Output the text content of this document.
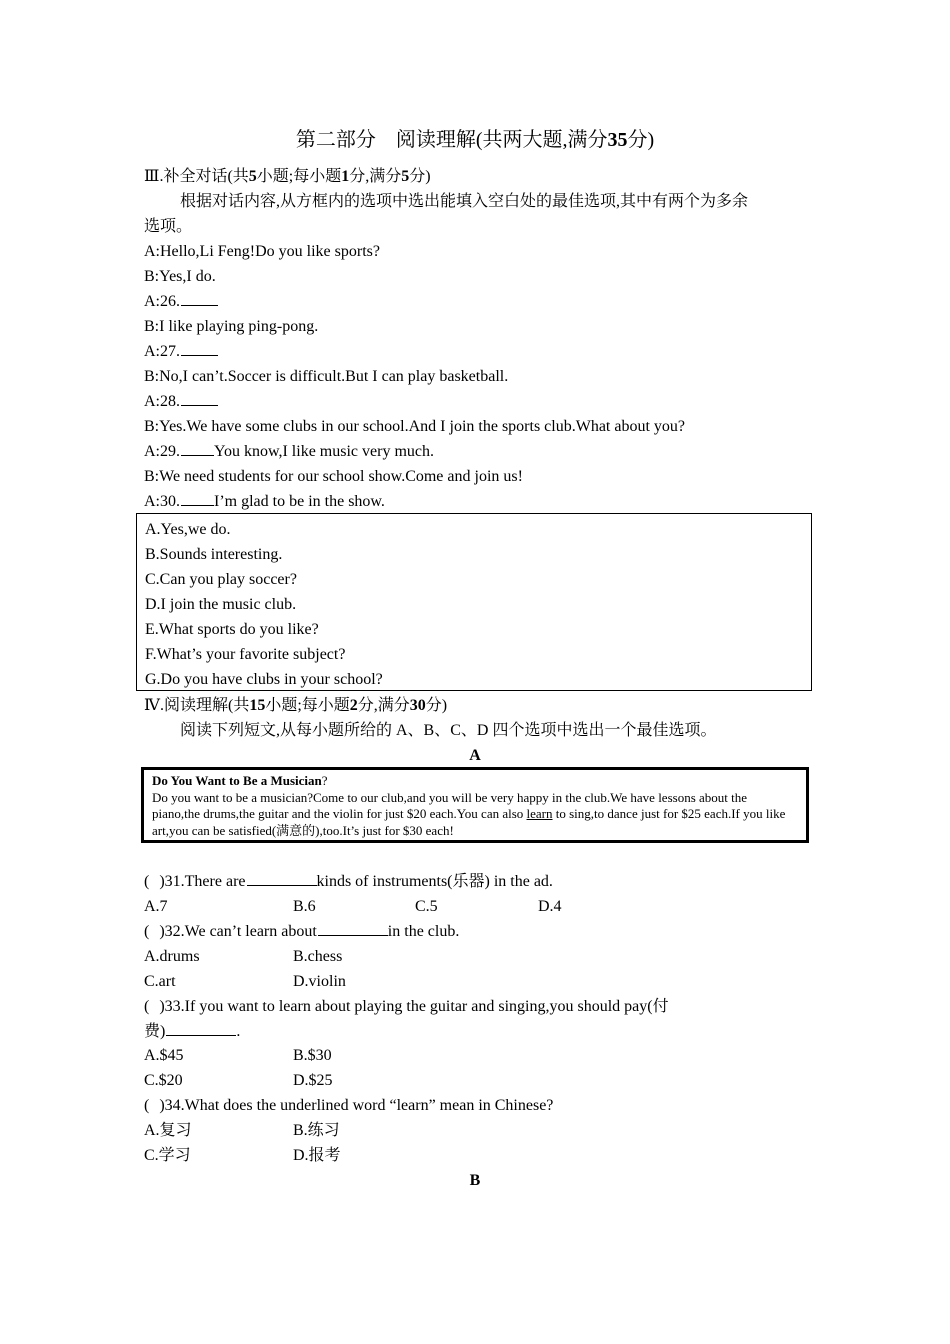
第二部分 阅读理解(共两大题,满分35分)
Ⅲ.补全对话(共5小题;每小题1分,满分5分)
根据对话内容,从方框内的选项中选出能填入空白处的最佳选项,其中有两个为多余
选项。
A:Hello,Li Feng!Do you like sports?
B:Yes,I do.
A:26.
B:I like playing ping-pong.
A:27.
B:No,I can’t.Soccer is difficult.But I can play basketball.
A:28.
B:Yes.We have some clubs in our school.And I join the sports club.What about you?
A:29. You know,I like music very much.
B:We need students for our school show.Come and join us!
A:30. I’m glad to be in the show.
A.Yes,we do.
B.Sounds interesting.
C.Can you play soccer?
D.I join the music club.
E.What sports do you like?
F.What’s your favorite subject?
G.Do you have clubs in your school?
Ⅳ.阅读理解(共15小题;每小题2分,满分30分)
阅读下列短文,从每小题所给的 A、B、C、D 四个选项中选出一个最佳选项。
A
Do You Want to Be a Musician?
Do you want to be a musician?Come to our club,and you will be very happy in the club.We have lessons about the piano,the drums,the guitar and the violin for just $20 each.You can also learn to sing,to dance just for $25 each.If you like art,you can be satisfied(满意的),too.It’s just for $30 each!
( )31.There are	kinds of instruments(乐器) in the ad.
A.7	B.6	C.5	D.4
( )32.We can’t learn about	in the club.
A.drums	B.chess
C.art	D.violin
( )33.If you want to learn about playing the guitar and singing,you should pay(付
费)	.
A.$45	B.$30
C.$20	D.$25
( )34.What does the underlined word “learn” mean in Chinese?
A.复习	B.练习
C.学习	D.报考
B
